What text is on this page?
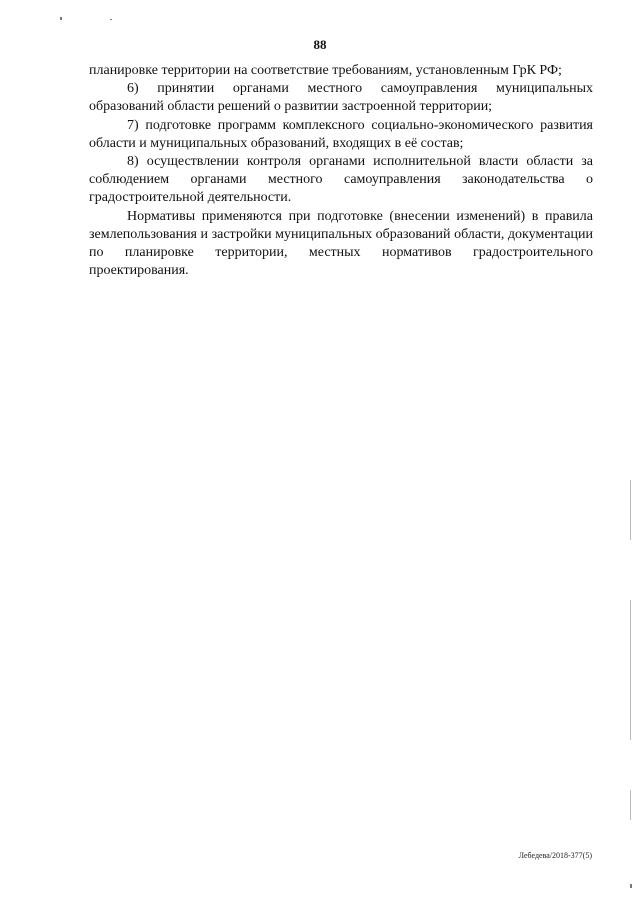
88

планировке территории на соответствие требованиям, установленным ГрК РФ;

6) принятии органами местного самоуправления муниципальных образований области решений о развитии застроенной территории;

7) подготовке программ комплексного социально-экономического развития области и муниципальных образований, входящих в её состав;

8) осуществлении контроля органами исполнительной власти области за соблюдением органами местного самоуправления законодательства о градостроительной деятельности.

Нормативы применяются при подготовке (внесении изменений) в правила землепользования и застройки муниципальных образований области, документации по планировке территории, местных нормативов градостроительного проектирования.

Лебедева/2018-377(5)
